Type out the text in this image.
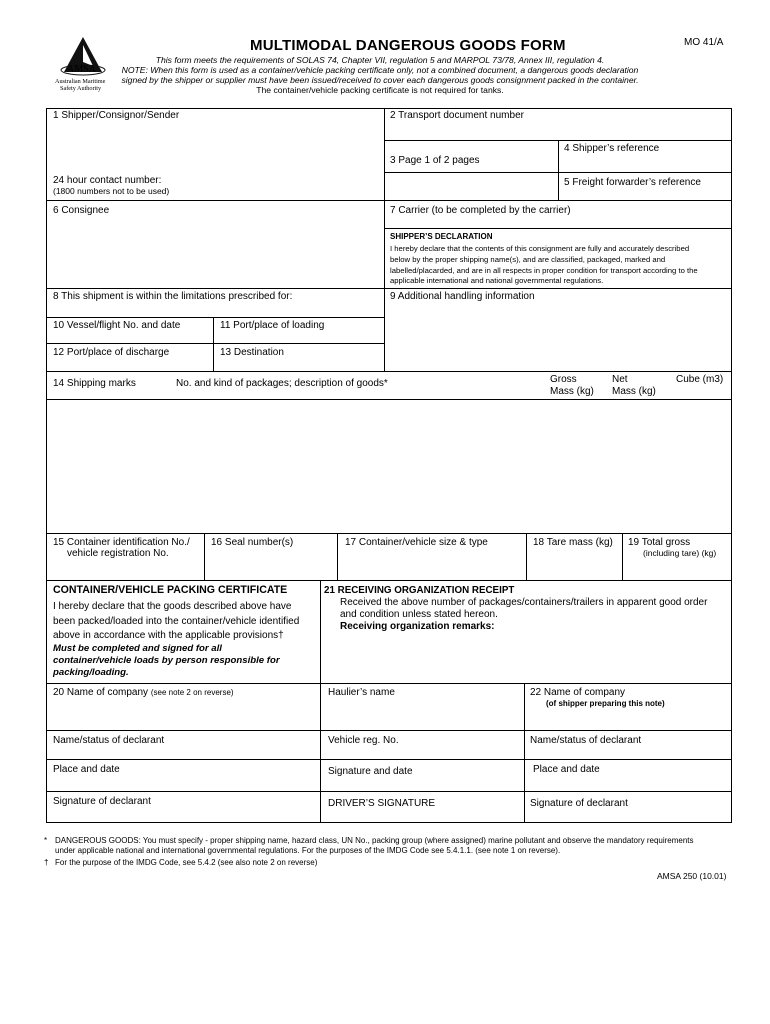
AMSA
Australian Maritime
Safety Authority
MULTIMODAL DANGEROUS GOODS FORM	MO 41/A
This form meets the requirements of SOLAS 74, Chapter VII, regulation 5 and MARPOL 73/78, Annex III, regulation 4.
NOTE: When this form is used as a container/vehicle packing certificate only, not a combined document, a dangerous goods declaration
signed by the shipper or supplier must have been issued/received to cover each dangerous goods consignment packed in the container.
The container/vehicle packing certificate is not required for tanks.
1 Shipper/Consignor/Sender	2 Transport document number
4 Shipper’s reference
3 Page 1 of 2 pages
5 Freight forwarder’s reference
24 hour contact number:
(1800 numbers not to be used)
6 Consignee	7 Carrier (to be completed by the carrier)
SHIPPER’S DECLARATION
I hereby declare that the contents of this consignment are fully and accurately described
below by the proper shipping name(s), and are classified, packaged, marked and
labelled/placarded, and are in all respects in proper condition for transport according to the
applicable international and national governmental regulations.
8 This shipment is within the limitations prescribed for:	9 Additional handling information
10 Vessel/flight No. and date	11 Port/place of loading
12 Port/place of discharge	13 Destination
14 Shipping marks	No. and kind of packages; description of goods*	Gross
Mass (kg)
Net
Mass (kg)
Cube (m3)
15 Container identification No./
vehicle registration No.
16 Seal number(s)	17 Container/vehicle size & type	18 Tare mass (kg) 19 Total gross
(including tare) (kg)
CONTAINER/VEHICLE PACKING CERTIFICATE
I hereby declare that the goods described above have
been packed/loaded into the container/vehicle identified
above in accordance with the applicable provisions†
Must be completed and signed for all
container/vehicle loads by person responsible for
packing/loading.
21 RECEIVING ORGANIZATION RECEIPT
Received the above number of packages/containers/trailers in apparent good order
and condition unless stated hereon.
Receiving organization remarks:
20 Name of company (see note 2 on reverse)	Haulier’s name	22 Name of company
(of shipper preparing this note)
Name/status of declarant	Vehicle reg. No.	Name/status of declarant
Place and date	Signature and date	Place and date
Signature of declarant	DRIVER’S SIGNATURE	Signature of declarant
* DANGEROUS GOODS: You must specify - proper shipping name, hazard class, UN No., packing group (where assigned) marine pollutant and observe the mandatory requirements
under applicable national and international governmental regulations. For the purposes of the IMDG Code see 5.4.1.1. (see note 1 on reverse).
† For the purpose of the IMDG Code, see 5.4.2 (see also note 2 on reverse)
AMSA 250 (10.01)
